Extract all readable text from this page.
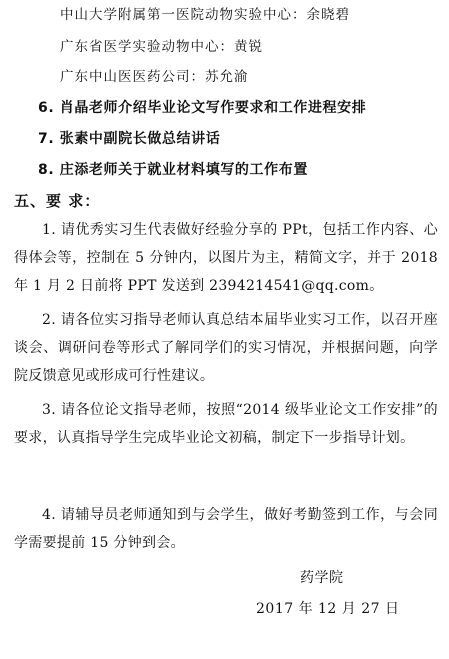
中山大学附属第一医院动物实验中心：余晓碧
广东省医学实验动物中心：黄锐
广东中山医医药公司：苏允渝
6. 肖晶老师介绍毕业论文写作要求和工作进程安排
7. 张素中副院长做总结讲话
8. 庄添老师关于就业材料填写的工作布置
五、要 求：
1. 请优秀实习生代表做好经验分享的 PPt，包括工作内容、心得体会等，控制在 5 分钟内，以图片为主，精简文字，并于 2018 年 1 月 2 日前将 PPT 发送到 2394214541@qq.com。
2. 请各位实习指导老师认真总结本届毕业实习工作，以召开座谈会、调研问卷等形式了解同学们的实习情况，并根据问题，向学院反馈意见或形成可行性建议。
3. 请各位论文指导老师，按照“2014 级毕业论文工作安排”的要求，认真指导学生完成毕业论文初稿，制定下一步指导计划。
4. 请辅导员老师通知到与会学生，做好考勤签到工作，与会同学需要提前 15 分钟到会。
药学院
2017 年 12 月 27 日
